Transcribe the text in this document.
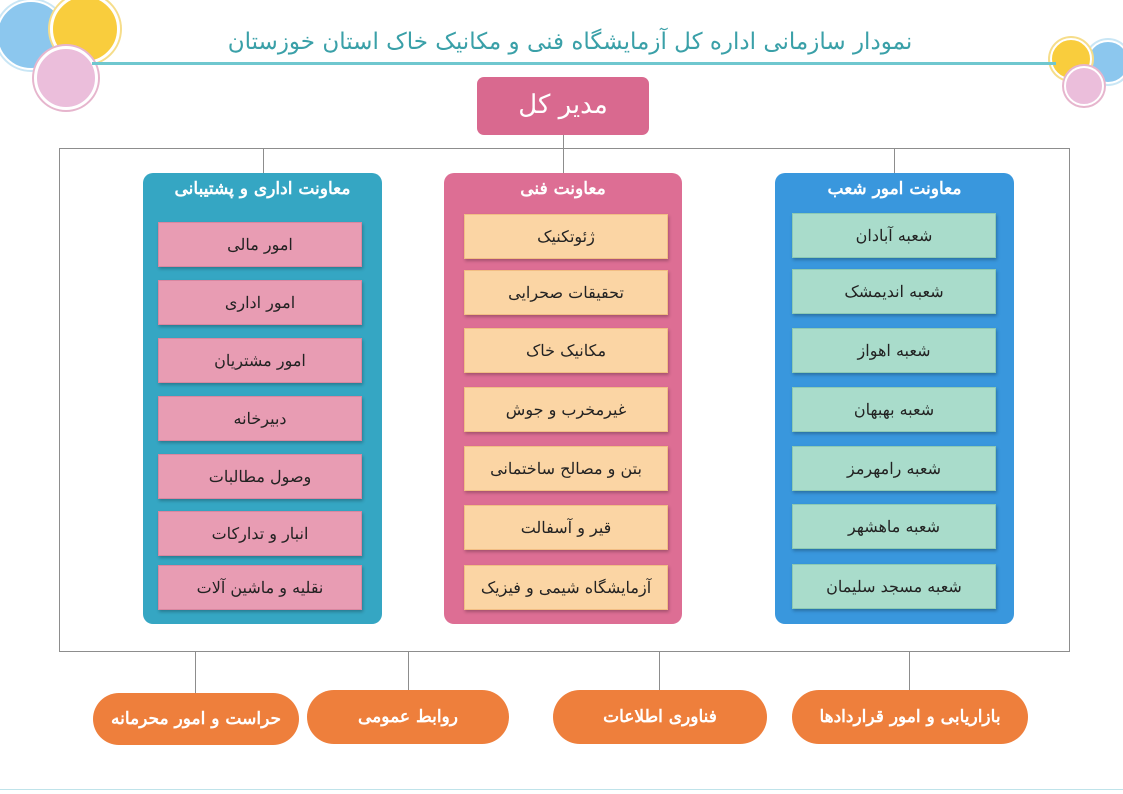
نمودار سازمانی اداره کل آزمایشگاه فنی و مکانیک خاک استان خوزستان
مدیر کل
معاونت اداری و پشتیبانی
امور مالی
امور اداری
امور مشتریان
دبیرخانه
وصول مطالبات
انبار و تدارکات
نقلیه و ماشین آلات
معاونت فنی
ژئوتکنیک
تحقیقات صحرایی
مکانیک خاک
غیرمخرب و جوش
بتن و مصالح ساختمانی
قیر و آسفالت
آزمایشگاه شیمی و فیزیک
معاونت امور شعب
شعبه آبادان
شعبه اندیمشک
شعبه اهواز
شعبه بهبهان
شعبه رامهرمز
شعبه ماهشهر
شعبه مسجد سلیمان
حراست و امور محرمانه	روابط عمومی	فناوری اطلاعات	بازاریابی و امور قراردادها
